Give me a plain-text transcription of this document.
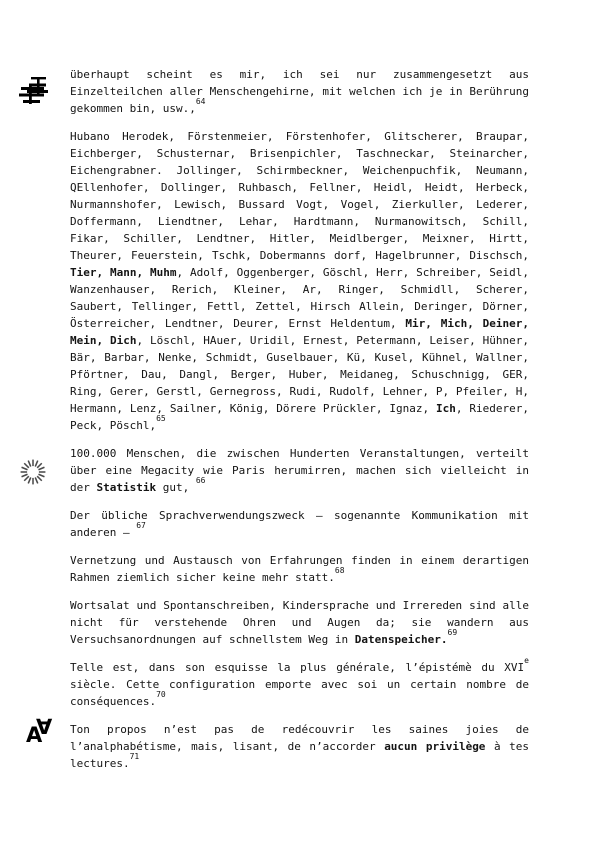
∀
A
überhaupt scheint es mir, ich sei nur zusammengesetzt aus Einzelteilchen aller Menschengehirne, mit welchen ich je in Berührung gekommen bin, usw.,$^{64}$
Hubano Herodek, Förstenmeier, Förstenhofer, Glitscherer, Braupar, Eichberger, Schusternar, Brisenpichler, Taschneckar, Steinarcher, Eichengrabner. Jollinger, Schirmbeckner, Weichenpuchfik, Neumann, QEllenhofer, Dollinger, Ruhbasch, Fellner, Heidl, Heidt, Herbeck, Nurmannshofer, Lewisch, Bussard Vogt, Vogel, Zierkuller, Lederer, Doffermann, Liendtner, Lehar, Hardtmann, Nurmanowitsch, Schill, Fikar, Schiller, Lendtner, Hitler, Meidlberger, Meixner, Hirtt, Theurer, Feuerstein, Tschk, Dobermanns dorf, Hagelbrunner, Dischsch, Tier, Mann, Muhm, Adolf, Oggenberger, Göschl, Herr, Schreiber, Seidl, Wanzenhauser, Rerich, Kleiner, Ar, Ringer, Schmidll, Scherer, Saubert, Tellinger, Fettl, Zettel, Hirsch Allein, Deringer, Dörner, Österreicher, Lendtner, Deurer, Ernst Heldentum, Mir, Mich, Deiner, Mein, Dich, Löschl, HAuer, Uridil, Ernest, Petermann, Leiser, Hühner, Bär, Barbar, Nenke, Schmidt, Guselbauer, Kü, Kusel, Kühnel, Wallner, Pförtner, Dau, Dangl, Berger, Huber, Meidaneg, Schuschnigg, GER, Ring, Gerer, Gerstl, Gernegross, Rudi, Rudolf, Lehner, P, Pfeiler, H, Hermann, Lenz, Sailner, König, Dörere Prückler, Ignaz, Ich, Riederer, Peck, Pöschl,$^{65}$
100.000 Menschen, die zwischen Hunderten Veranstaltungen, verteilt über eine Megacity wie Paris herumirren, machen sich vielleicht in der Statistik gut, $^{66}$
Der übliche Sprachverwendungszweck – sogenannte Kommunikation mit anderen – $^{67}$
Vernetzung und Austausch von Erfahrungen finden in einem derartigen Rahmen ziemlich sicher keine mehr statt.$^{68}$
Wortsalat und Spontanschreiben, Kindersprache und Irrereden sind alle nicht für verstehende Ohren und Augen da; sie wandern aus Versuchsanordnungen auf schnellstem Weg in Datenspeicher.$^{69}$
Telle est, dans son esquisse la plus générale, l’épistémè du XVIe siècle. Cette configuration emporte avec soi un certain nombre de conséquences.$^{70}$
Ton propos n’est pas de redécouvrir les saines joies de l’analphabétisme, mais, lisant, de n’accorder aucun privilège à tes lectures.$^{71}$
